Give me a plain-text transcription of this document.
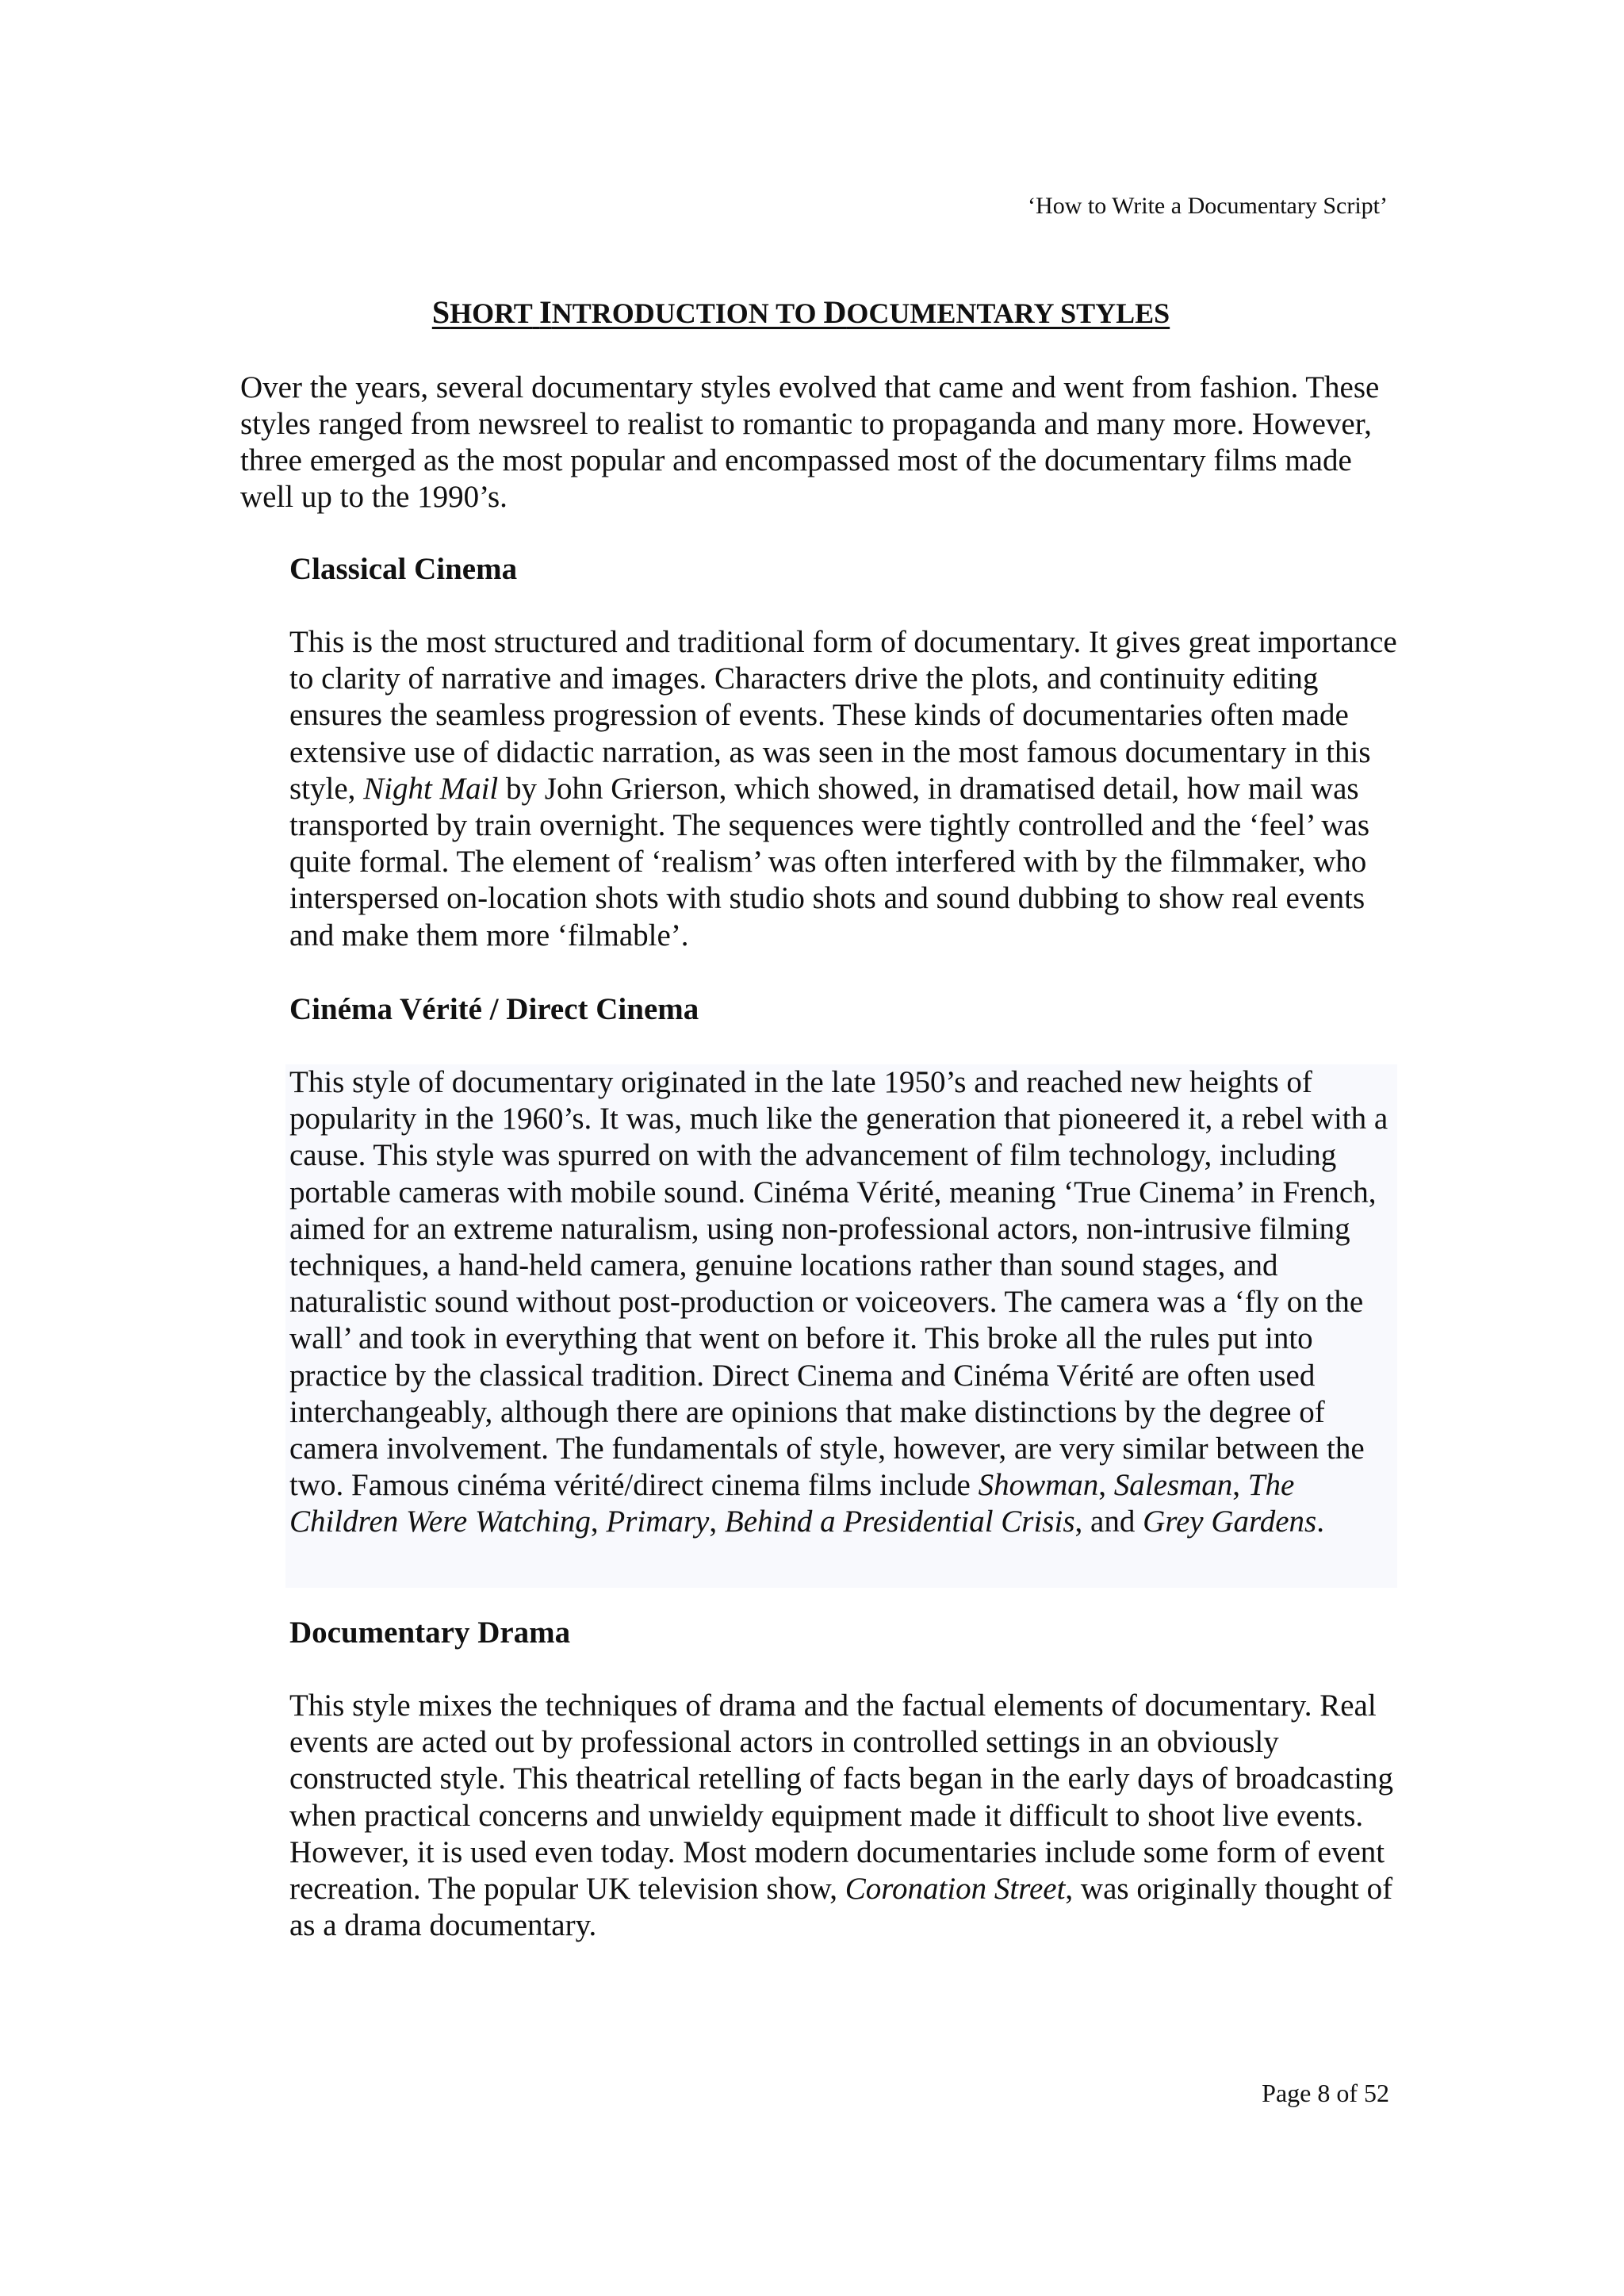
‘How to Write a Documentary Script’
SHORT INTRODUCTION TO DOCUMENTARY STYLES

Over the years, several documentary styles evolved that came and went from fashion. These styles ranged from newsreel to realist to romantic to propaganda and many more. However, three emerged as the most popular and encompassed most of the documentary films made well up to the 1990’s.

Classical Cinema

This is the most structured and traditional form of documentary. It gives great importance to clarity of narrative and images. Characters drive the plots, and continuity editing ensures the seamless progression of events. These kinds of documentaries often made extensive use of didactic narration, as was seen in the most famous documentary in this style, Night Mail by John Grierson, which showed, in dramatised detail, how mail was transported by train overnight. The sequences were tightly controlled and the ‘feel’ was quite formal. The element of ‘realism’ was often interfered with by the filmmaker, who interspersed on-location shots with studio shots and sound dubbing to show real events and make them more ‘filmable’.

Cinéma Vérité / Direct Cinema

This style of documentary originated in the late 1950’s and reached new heights of popularity in the 1960’s. It was, much like the generation that pioneered it, a rebel with a cause. This style was spurred on with the advancement of film technology, including portable cameras with mobile sound. Cinéma Vérité, meaning ‘True Cinema’ in French, aimed for an extreme naturalism, using non-professional actors, non-intrusive filming techniques, a hand-held camera, genuine locations rather than sound stages, and naturalistic sound without post-production or voiceovers. The camera was a ‘fly on the wall’ and took in everything that went on before it. This broke all the rules put into practice by the classical tradition. Direct Cinema and Cinéma Vérité are often used interchangeably, although there are opinions that make distinctions by the degree of camera involvement. The fundamentals of style, however, are very similar between the two. Famous cinéma vérité/direct cinema films include Showman, Salesman, The Children Were Watching, Primary, Behind a Presidential Crisis, and Grey Gardens.

Documentary Drama

This style mixes the techniques of drama and the factual elements of documentary. Real events are acted out by professional actors in controlled settings in an obviously constructed style. This theatrical retelling of facts began in the early days of broadcasting when practical concerns and unwieldy equipment made it difficult to shoot live events. However, it is used even today. Most modern documentaries include some form of event recreation. The popular UK television show, Coronation Street, was originally thought of as a drama documentary.

Page 8 of 52
